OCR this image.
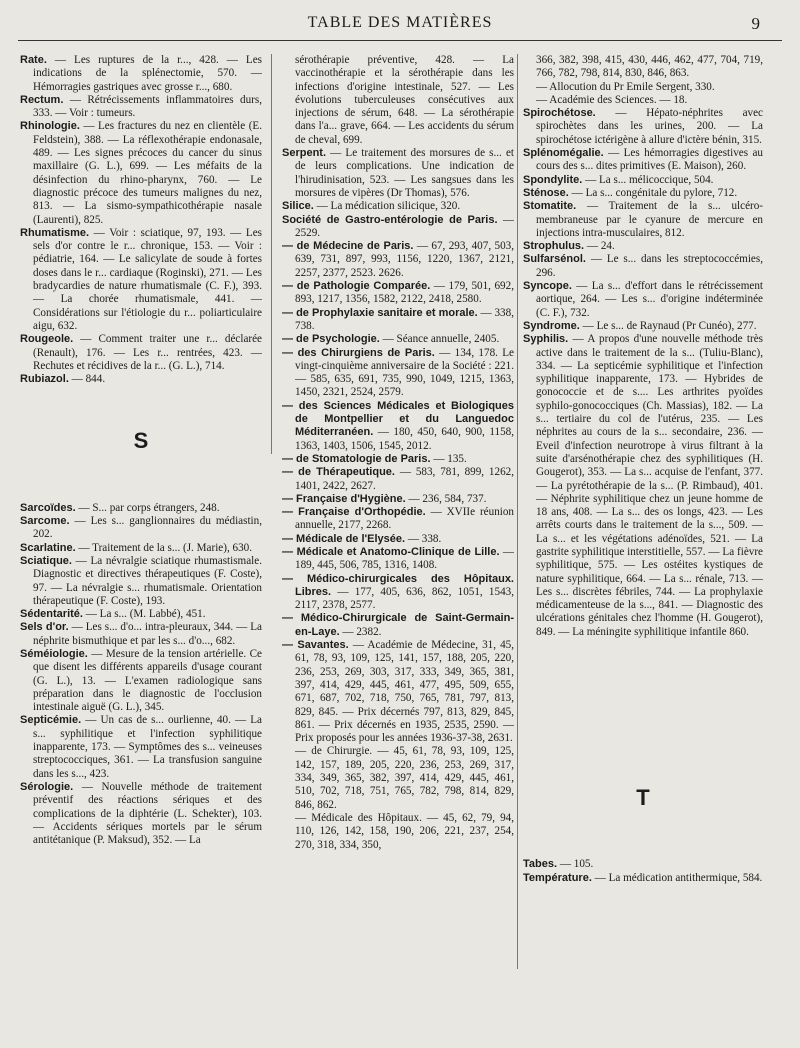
TABLE DES MATIÈRES	9
Rate. — Les ruptures de la r..., 428. — Les indications de la splénectomie, 570. — Hémorragies gastriques avec grosse r..., 680.
Rectum. — Rétrécissements inflammatoires durs, 333. — Voir : tumeurs.
Rhinologie. — Les fractures du nez en clientèle (E. Feldstein), 388. — La réflexothérapie endonasale, 489. — Les signes précoces du cancer du sinus maxillaire (G. L.), 699. — Les méfaits de la désinfection du rhino-pharynx, 760. — Le diagnostic précoce des tumeurs malignes du nez, 813. — La sismo-sympathicothérapie nasale (Laurenti), 825.
Rhumatisme. — Voir : sciatique, 97, 193. — Les sels d'or contre le r... chronique, 153. — Voir : pédiatrie, 164. — Le salicylate de soude à fortes doses dans le r... cardiaque (Roginski), 271. — Les bradycardies de nature rhumatismale (C. F.), 393. — La chorée rhumatismale, 441. — Considérations sur l'étiologie du r... poliarticulaire aigu, 632.
Rougeole. — Comment traiter une r... déclarée (Renault), 176. — Les r... rentrées, 423. — Rechutes et récidives de la r... (G. L.), 714.
Rubiazol. — 844.
S
Sarcoïdes. — S... par corps étrangers, 248.
Sarcome. — Les s... ganglionnaires du médiastin, 202.
Scarlatine. — Traitement de la s... (J. Marie), 630.
Sciatique. — La névralgie sciatique rhumastismale. Diagnostic et directives thérapeutiques (F. Coste), 97. — La névralgie s... rhumatismale. Orientation thérapeutique (F. Coste), 193.
Sédentarité. — La s... (M. Labbé), 451.
Sels d'or. — Les s... d'o... intra-pleuraux, 344. — La néphrite bismuthique et par les s... d'o..., 682.
Séméiologie. — Mesure de la tension artérielle. Ce que disent les différents appareils d'usage courant (G. L.), 13. — L'examen radiologique sans préparation dans le diagnostic de l'occlusion intestinale aiguë (G. L.), 345.
Septicémie. — Un cas de s... ourlienne, 40. — La s... syphilitique et l'infection syphilitique inapparente, 173. — Symptômes des s... veineuses streptococciques, 361. — La transfusion sanguine dans les s..., 423.
Sérologie. — Nouvelle méthode de traitement préventif des réactions sériques et des complications de la diphtérie (L. Schekter), 103. — Accidents sériques mortels par le sérum antitétanique (P. Maksud), 352. — La
sérothérapie préventive, 428. — La vaccinothérapie et la sérothérapie dans les infections d'origine intestinale, 527. — Les évolutions tuberculeuses consécutives aux injections de sérum, 648. — La sérothérapie dans l'a... grave, 664. — Les accidents du sérum de cheval, 699.
Serpent. — Le traitement des morsures de s... et de leurs complications. Une indication de l'hirudinisation, 523. — Les sangsues dans les morsures de vipères (Dr Thomas), 576.
Silice. — La médication silicique, 320.
Société de Gastro-entérologie de Paris. — 2529.
— de Médecine de Paris. — 67, 293, 407, 503, 639, 731, 897, 993, 1156, 1220, 1367, 2121, 2257, 2377, 2523. 2626.
— de Pathologie Comparée. — 179, 501, 692, 893, 1217, 1356, 1582, 2122, 2418, 2580.
— de Prophylaxie sanitaire et morale. — 338, 738.
— de Psychologie. — Séance annuelle, 2405.
— des Chirurgiens de Paris. — 134, 178. Le vingt-cinquième anniversaire de la Société : 221. — 585, 635, 691, 735, 990, 1049, 1215, 1363, 1450, 2321, 2524, 2579.
— des Sciences Médicales et Biologiques de Montpellier et du Languedoc Méditerranéen. — 180, 450, 640, 900, 1158, 1363, 1403, 1506, 1545, 2012.
— de Stomatologie de Paris. — 135.
— de Thérapeutique. — 583, 781, 899, 1262, 1401, 2422, 2627.
— Française d'Hygiène. — 236, 584, 737.
— Française d'Orthopédie. — XVIIe réunion annuelle, 2177, 2268.
— Médicale de l'Elysée. — 338.
— Médicale et Anatomo-Clinique de Lille. — 189, 445, 506, 785, 1316, 1408.
— Médico-chirurgicales des Hôpitaux. Libres. — 177, 405, 636, 862, 1051, 1543, 2117, 2378, 2577.
— Médico-Chirurgicale de Saint-Germain-en-Laye. — 2382.
— Savantes. — Académie de Médecine, 31, 45, 61, 78, 93, 109, 125, 141, 157, 188, 205, 220, 236, 253, 269, 303, 317, 333, 349, 365, 381, 397, 414, 429, 445, 461, 477, 495, 509, 655, 671, 687, 702, 718, 750, 765, 781, 797, 813, 829, 845. — Prix décernés 797, 813, 829, 845, 861. — Prix décernés en 1935, 2535, 2590. — Prix proposés pour les années 1936-37-38, 2631.
— de Chirurgie. — 45, 61, 78, 93, 109, 125, 142, 157, 189, 205, 220, 236, 253, 269, 317, 334, 349, 365, 382, 397, 414, 429, 445, 461, 510, 702, 718, 751, 765, 782, 798, 814, 829, 846, 862.
— Médicale des Hôpitaux. — 45, 62, 79, 94, 110, 126, 142, 158, 190, 206, 221, 237, 254, 270, 318, 334, 350,
366, 382, 398, 415, 430, 446, 462, 477, 704, 719, 766, 782, 798, 814, 830, 846, 863.
— Allocution du Pr Emile Sergent, 330.
— Académie des Sciences. — 18.
Spirochétose. — Hépato-néphrites avec spirochètes dans les urines, 200. — La spirochétose ictérigène à allure d'ictère bénin, 315.
Splénomégalie. — Les hémorragies digestives au cours des s... dites primitives (E. Maison), 260.
Spondylite. — La s... mélicoccique, 504.
Sténose. — La s... congénitale du pylore, 712.
Stomatite. — Traitement de la s... ulcéro-membraneuse par le cyanure de mercure en injections intra-musculaires, 812.
Strophulus. — 24.
Sulfarsénol. — Le s... dans les streptococcémies, 296.
Syncope. — La s... d'effort dans le rétrécissement aortique, 264. — Les s... d'origine indéterminée (C. F.), 732.
Syndrome. — Le s... de Raynaud (Pr Cunéo), 277.
Syphilis. — A propos d'une nouvelle méthode très active dans le traitement de la s... (Tuliu-Blanc), 334. — La septicémie syphilitique et l'infection syphilitique inapparente, 173. — Hybrides de gonococcie et de s.... Les arthrites pyoïdes syphilo-gonococciques (Ch. Massias), 182. — La s... tertiaire du col de l'utérus, 235. — Les néphrites au cours de la s... secondaire, 236. — Eveil d'infection neurotrope à virus filtrant à la suite d'arsénothérapie chez des syphilitiques (H. Gougerot), 353. — La s... acquise de l'enfant, 377. — La pyrétothérapie de la s... (P. Rimbaud), 401. — Néphrite syphilitique chez un jeune homme de 18 ans, 408. — La s... des os longs, 423. — Les arrêts courts dans le traitement de la s..., 509. — La s... et les végétations adénoïdes, 521. — La gastrite syphilitique interstitielle, 557. — La fièvre syphilitique, 575. — Les ostéites kystiques de nature syphilitique, 664. — La s... rénale, 713. — Les s... discrètes fébriles, 744. — La prophylaxie médicamenteuse de la s..., 841. — Diagnostic des ulcérations génitales chez l'homme (H. Gougerot), 849. — La méningite syphilitique infantile 860.
T
Tabes. — 105.
Température. — La médication antithermique, 584.
